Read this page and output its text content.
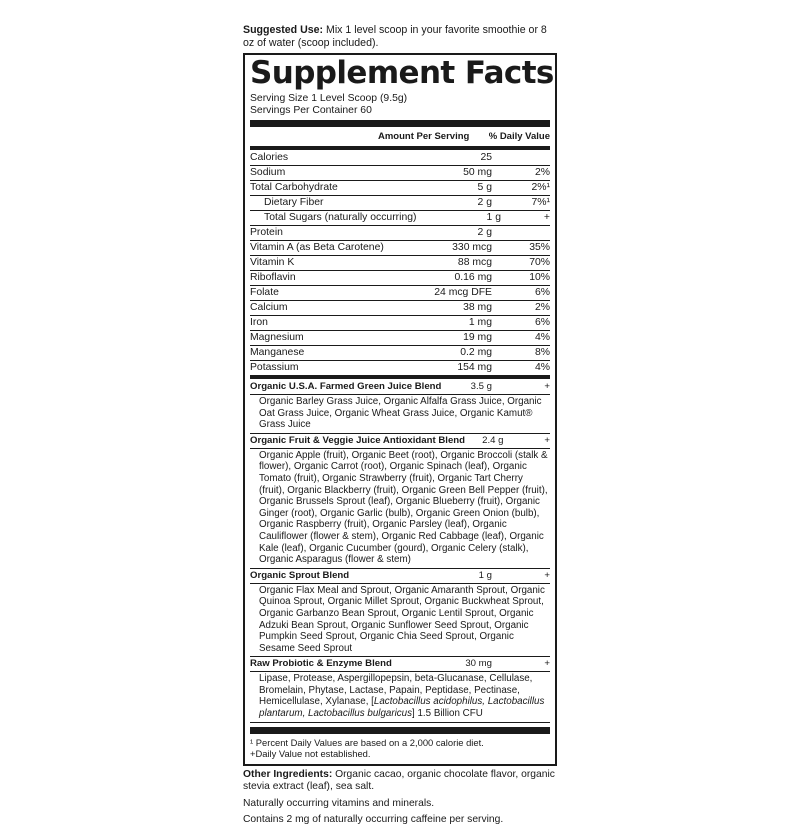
Suggested Use: Mix 1 level scoop in your favorite smoothie or 8 oz of water (scoop included).
Supplement Facts
Serving Size 1 Level Scoop (9.5g)
Servings Per Container 60
Amount Per Serving	% Daily Value
Calories	25
Sodium	50 mg	2%
Total Carbohydrate	5 g	2%¹
Dietary Fiber	2 g	7%¹
Total Sugars (naturally occurring)	1 g	+
Protein	2 g
Vitamin A (as Beta Carotene)	330 mcg	35%
Vitamin K	88 mcg	70%
Riboflavin	0.16 mg	10%
Folate	24 mcg DFE	6%
Calcium	38 mg	2%
Iron	1 mg	6%
Magnesium	19 mg	4%
Manganese	0.2 mg	8%
Potassium	154 mg	4%
Organic U.S.A. Farmed Green Juice Blend	3.5 g	+
Organic Barley Grass Juice, Organic Alfalfa Grass Juice, Organic Oat Grass Juice, Organic Wheat Grass Juice, Organic Kamut® Grass Juice
Organic Fruit & Veggie Juice Antioxidant Blend	2.4 g	+
Organic Apple (fruit), Organic Beet (root), Organic Broccoli (stalk & flower), Organic Carrot (root), Organic Spinach (leaf), Organic Tomato (fruit), Organic Strawberry (fruit), Organic Tart Cherry (fruit), Organic Blackberry (fruit), Organic Green Bell Pepper (fruit), Organic Brussels Sprout (leaf), Organic Blueberry (fruit), Organic Ginger (root), Organic Garlic (bulb), Organic Green Onion (bulb), Organic Raspberry (fruit), Organic Parsley (leaf), Organic Cauliflower (flower & stem), Organic Red Cabbage (leaf), Organic Kale (leaf), Organic Cucumber (gourd), Organic Celery (stalk), Organic Asparagus (flower & stem)
Organic Sprout Blend	1 g	+
Organic Flax Meal and Sprout, Organic Amaranth Sprout, Organic Quinoa Sprout, Organic Millet Sprout, Organic Buckwheat Sprout, Organic Garbanzo Bean Sprout, Organic Lentil Sprout, Organic Adzuki Bean Sprout, Organic Sunflower Seed Sprout, Organic Pumpkin Seed Sprout, Organic Chia Seed Sprout, Organic Sesame Seed Sprout
Raw Probiotic & Enzyme Blend	30 mg	+
Lipase, Protease, Aspergillopepsin, beta-Glucanase, Cellulase, Bromelain, Phytase, Lactase, Papain, Peptidase, Pectinase, Hemicellulase, Xylanase, [Lactobacillus acidophilus, Lactobacillus plantarum, Lactobacillus bulgaricus] 1.5 Billion CFU
¹ Percent Daily Values are based on a 2,000 calorie diet.
+Daily Value not established.

Other Ingredients: Organic cacao, organic chocolate flavor, organic stevia extract (leaf), sea salt.

Naturally occurring vitamins and minerals.

Contains 2 mg of naturally occurring caffeine per serving.
